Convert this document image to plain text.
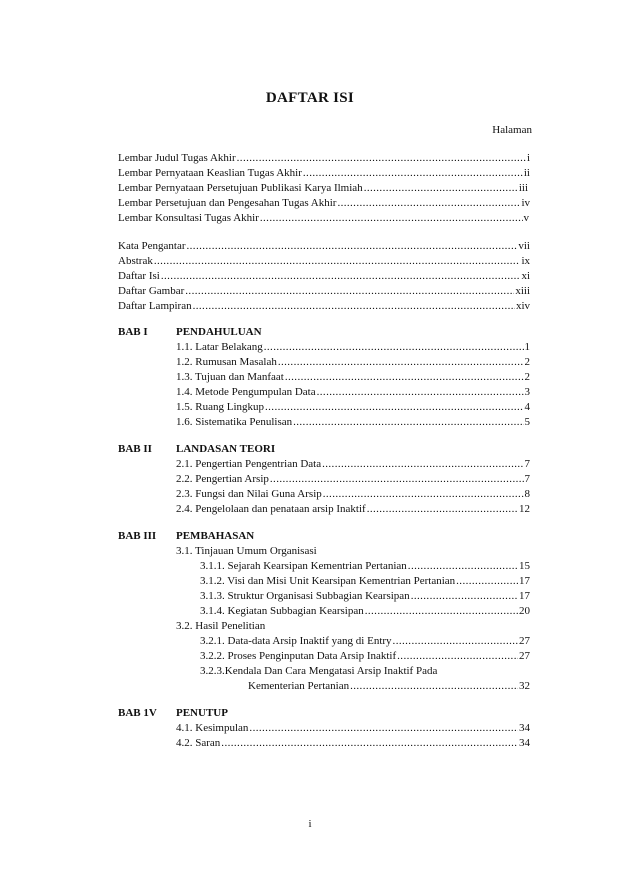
DAFTAR ISI
Halaman
Lembar Judul Tugas Akhir .....	i
Lembar Pernyataan Keaslian Tugas Akhir .....	ii
Lembar Pernyataan Persetujuan Publikasi Karya Ilmiah .....	iii
Lembar Persetujuan dan Pengesahan Tugas Akhir .....	iv
Lembar Konsultasi Tugas Akhir .....	v
Kata Pengantar .....	vii
Abstrak .....	ix
Daftar Isi .....	xi
Daftar Gambar .....	xiii
Daftar Lampiran .....	xiv
BAB I	PENDAHULUAN
1.1. Latar Belakang .....	1
1.2. Rumusan Masalah .....	2
1.3. Tujuan dan Manfaat .....	2
1.4. Metode Pengumpulan Data .....	3
1.5. Ruang Lingkup .....	4
1.6. Sistematika Penulisan .....	5
BAB II LANDASAN TEORI
2.1. Pengertian Pengentrian Data .....	7
2.2. Pengertian Arsip .....	7
2.3. Fungsi dan Nilai Guna Arsip .....	8
2.4. Pengelolaan dan penataan arsip Inaktif .....	12
BAB III PEMBAHASAN
3.1. Tinjauan Umum Organisasi
3.1.1. Sejarah Kearsipan Kementrian Pertanian .....	15
3.1.2. Visi dan Misi Unit Kearsipan Kementrian Pertanian .....	17
3.1.3. Struktur Organisasi Subbagian Kearsipan .....	17
3.1.4. Kegiatan Subbagian Kearsipan .....	20
3.2. Hasil Penelitian
3.2.1. Data-data Arsip Inaktif yang di Entry .....	27
3.2.2. Proses Penginputan Data Arsip Inaktif .....	27
3.2.3.Kendala Dan Cara Mengatasi Arsip Inaktif Pada
Kementerian Pertanian .....	32
BAB 1V PENUTUP
4.1. Kesimpulan .....	34
4.2. Saran .....	34
i
